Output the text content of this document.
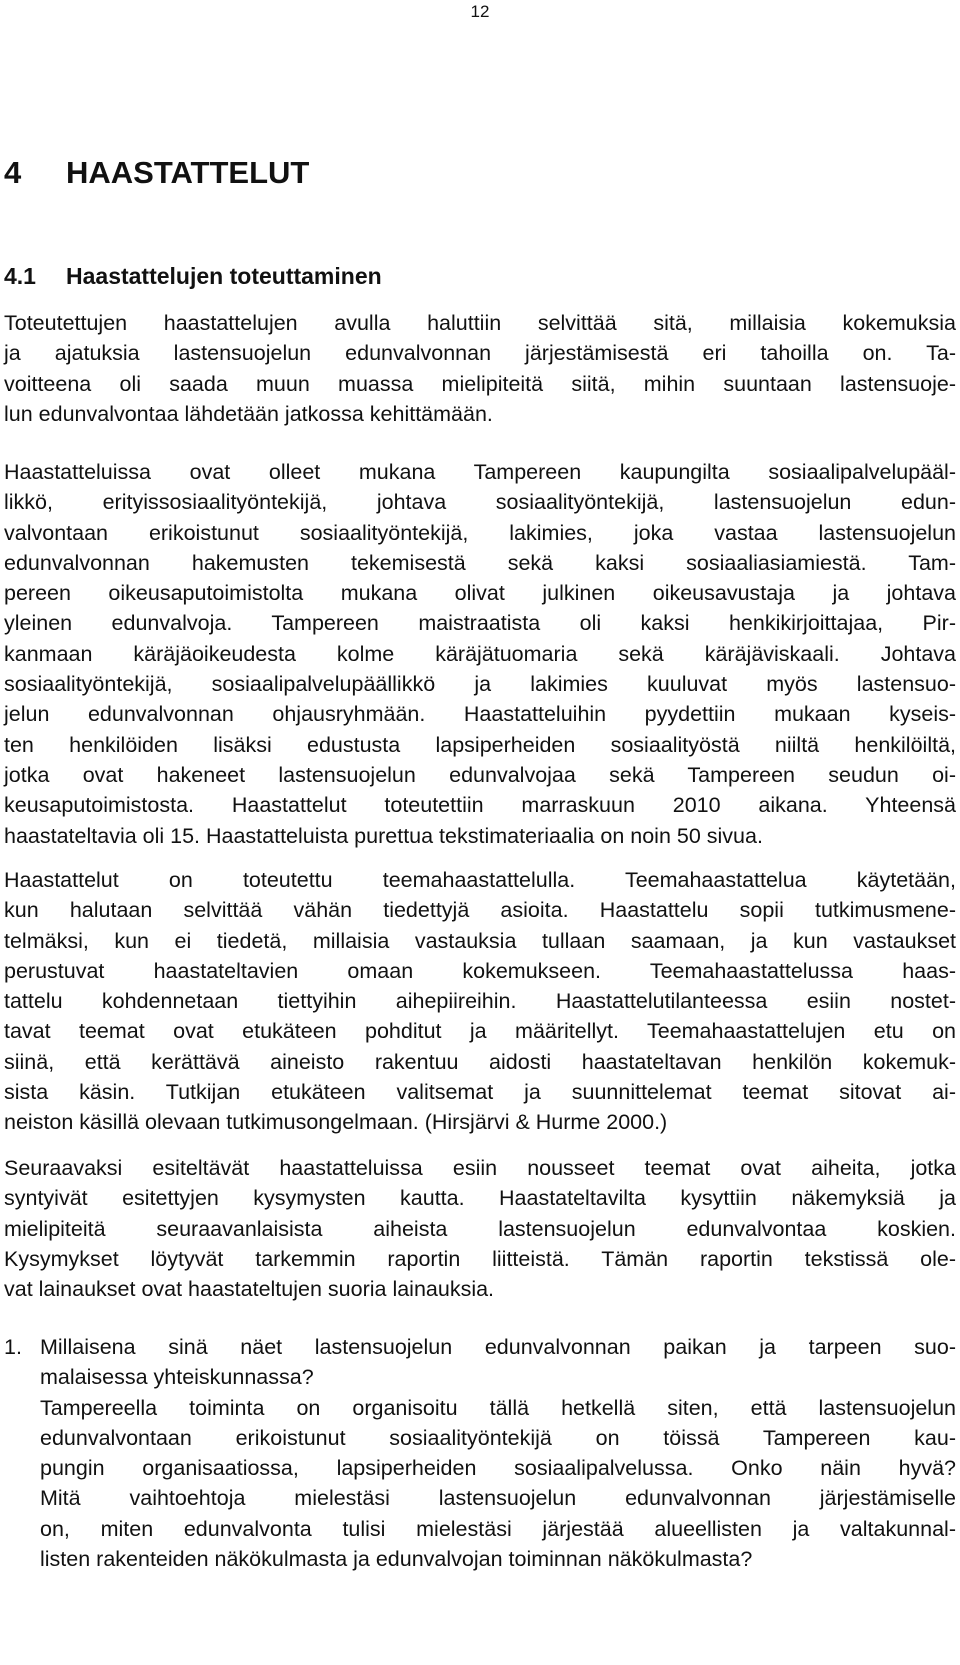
12
4 HAASTATTELUT
4.1 Haastattelujen toteuttaminen
Toteutettujen haastattelujen avulla haluttiin selvittää sitä, millaisia kokemuksia
ja ajatuksia lastensuojelun edunvalvonnan järjestämisestä eri tahoilla on. Ta-
voitteena oli saada muun muassa mielipiteitä siitä, mihin suuntaan lastensuoje-
lun edunvalvontaa lähdetään jatkossa kehittämään.
Haastatteluissa ovat olleet mukana Tampereen kaupungilta sosiaalipalvelupääl-
likkö, erityissosiaalityöntekijä, johtava sosiaalityöntekijä, lastensuojelun edun-
valvontaan erikoistunut sosiaalityöntekijä, lakimies, joka vastaa lastensuojelun
edunvalvonnan hakemusten tekemisestä sekä kaksi sosiaaliasiamiestä. Tam-
pereen oikeusaputoimistolta mukana olivat julkinen oikeusavustaja ja johtava
yleinen edunvalvoja. Tampereen maistraatista oli kaksi henkikirjoittajaa, Pir-
kanmaan käräjäoikeudesta kolme käräjätuomaria sekä käräjäviskaali. Johtava
sosiaalityöntekijä, sosiaalipalvelupäällikkö ja lakimies kuuluvat myös lastensuo-
jelun edunvalvonnan ohjausryhmään. Haastatteluihin pyydettiin mukaan kyseis-
ten henkilöiden lisäksi edustusta lapsiperheiden sosiaalityöstä niiltä henkilöiltä,
jotka ovat hakeneet lastensuojelun edunvalvojaa sekä Tampereen seudun oi-
keusaputoimistosta. Haastattelut toteutettiin marraskuun 2010 aikana. Yhteensä
haastateltavia oli 15. Haastatteluista purettua tekstimateriaalia on noin 50 sivua.
Haastattelut on toteutettu teemahaastattelulla. Teemahaastattelua käytetään,
kun halutaan selvittää vähän tiedettyjä asioita. Haastattelu sopii tutkimusmene-
telmäksi, kun ei tiedetä, millaisia vastauksia tullaan saamaan, ja kun vastaukset
perustuvat haastateltavien omaan kokemukseen. Teemahaastattelussa haas-
tattelu kohdennetaan tiettyihin aihepiireihin. Haastattelutilanteessa esiin nostet-
tavat teemat ovat etukäteen pohditut ja määritellyt. Teemahaastattelujen etu on
siinä, että kerättävä aineisto rakentuu aidosti haastateltavan henkilön kokemuk-
sista käsin. Tutkijan etukäteen valitsemat ja suunnittelemat teemat sitovat ai-
neiston käsillä olevaan tutkimusongelmaan. (Hirsjärvi & Hurme 2000.)
Seuraavaksi esiteltävät haastatteluissa esiin nousseet teemat ovat aiheita, jotka
syntyivät esitettyjen kysymysten kautta. Haastateltavilta kysyttiin näkemyksiä ja
mielipiteitä seuraavanlaisista aiheista lastensuojelun edunvalvontaa koskien.
Kysymykset löytyvät tarkemmin raportin liitteistä. Tämän raportin tekstissä ole-
vat lainaukset ovat haastateltujen suoria lainauksia.
1. Millaisena sinä näet lastensuojelun edunvalvonnan paikan ja tarpeen suo-
malaisessa yhteiskunnassa?
Tampereella toiminta on organisoitu tällä hetkellä siten, että lastensuojelun
edunvalvontaan erikoistunut sosiaalityöntekijä on töissä Tampereen kau-
pungin organisaatiossa, lapsiperheiden sosiaalipalvelussa. Onko näin hyvä?
Mitä vaihtoehtoja mielestäsi lastensuojelun edunvalvonnan järjestämiselle
on, miten edunvalvonta tulisi mielestäsi järjestää alueellisten ja valtakunnal-
listen rakenteiden näkökulmasta ja edunvalvojan toiminnan näkökulmasta?
